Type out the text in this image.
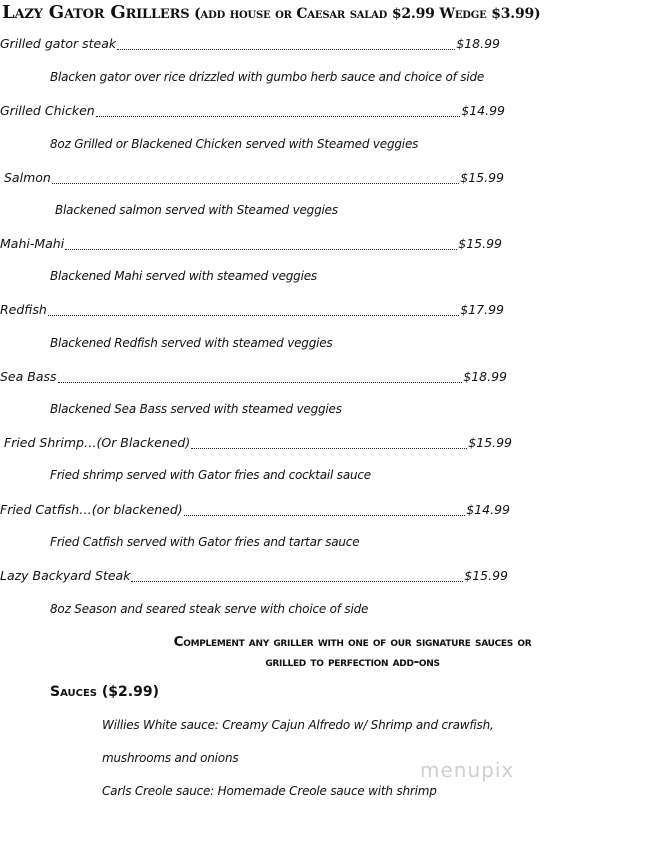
Lazy Gator Grillers (add house or Caesar salad $2.99 Wedge $3.99)
Grilled gator steak	$18.99
Blacken gator over rice drizzled with gumbo herb sauce and choice of side
Grilled Chicken	$14.99
8oz Grilled or Blackened Chicken served with Steamed veggies
Salmon	$15.99
Blackened salmon served with Steamed veggies
Mahi-Mahi	$15.99
Blackened Mahi served with steamed veggies
Redfish	$17.99
Blackened Redfish served with steamed veggies
Sea Bass	$18.99
Blackened Sea Bass served with steamed veggies
Fried Shrimp…(Or Blackened)	$15.99
Fried shrimp served with Gator fries and cocktail sauce
Fried Catfish…(or blackened)	$14.99
Fried Catfish served with Gator fries and tartar sauce
Lazy Backyard Steak	$15.99
8oz Season and seared steak serve with choice of side
Complement any griller with one of our signature sauces or
grilled to perfection add-ons
Sauces ($2.99)
Willies White sauce: Creamy Cajun Alfredo w/ Shrimp and crawfish,
mushrooms and onions
Carls Creole sauce: Homemade Creole sauce with shrimp
menupix
